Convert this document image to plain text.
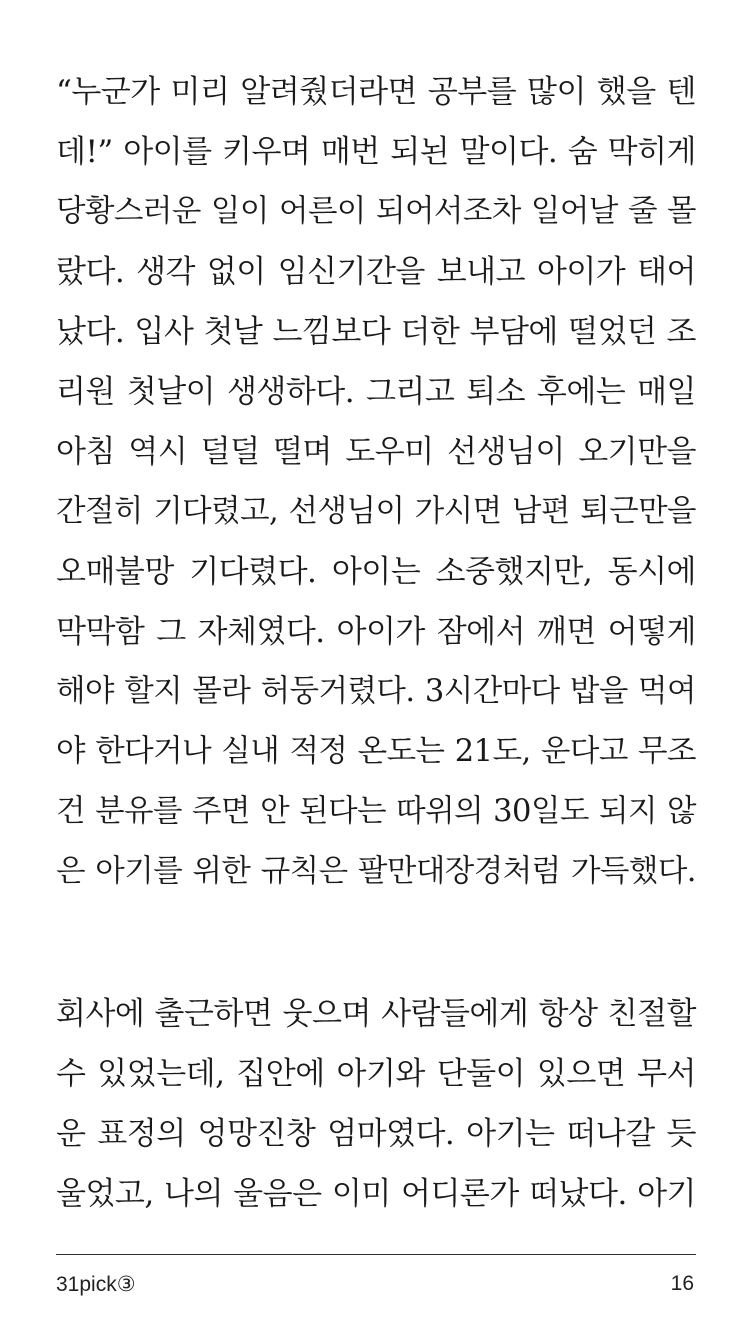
“누군가 미리 알려줬더라면 공부를 많이 했을 텐
데!” 아이를 키우며 매번 되뇐 말이다. 숨 막히게
당황스러운 일이 어른이 되어서조차 일어날 줄 몰
랐다. 생각 없이 임신기간을 보내고 아이가 태어
났다. 입사 첫날 느낌보다 더한 부담에 떨었던 조
리원 첫날이 생생하다. 그리고 퇴소 후에는 매일
아침 역시 덜덜 떨며 도우미 선생님이 오기만을
간절히 기다렸고, 선생님이 가시면 남편 퇴근만을
오매불망 기다렸다. 아이는 소중했지만, 동시에
막막함 그 자체였다. 아이가 잠에서 깨면 어떻게
해야 할지 몰라 허둥거렸다. 3시간마다 밥을 먹여
야 한다거나 실내 적정 온도는 21도, 운다고 무조
건 분유를 주면 안 된다는 따위의 30일도 되지 않
은 아기를 위한 규칙은 팔만대장경처럼 가득했다.
회사에 출근하면 웃으며 사람들에게 항상 친절할
수 있었는데, 집안에 아기와 단둘이 있으면 무서
운 표정의 엉망진창 엄마였다. 아기는 떠나갈 듯
울었고, 나의 울음은 이미 어디론가 떠났다. 아기
31pick③	16
